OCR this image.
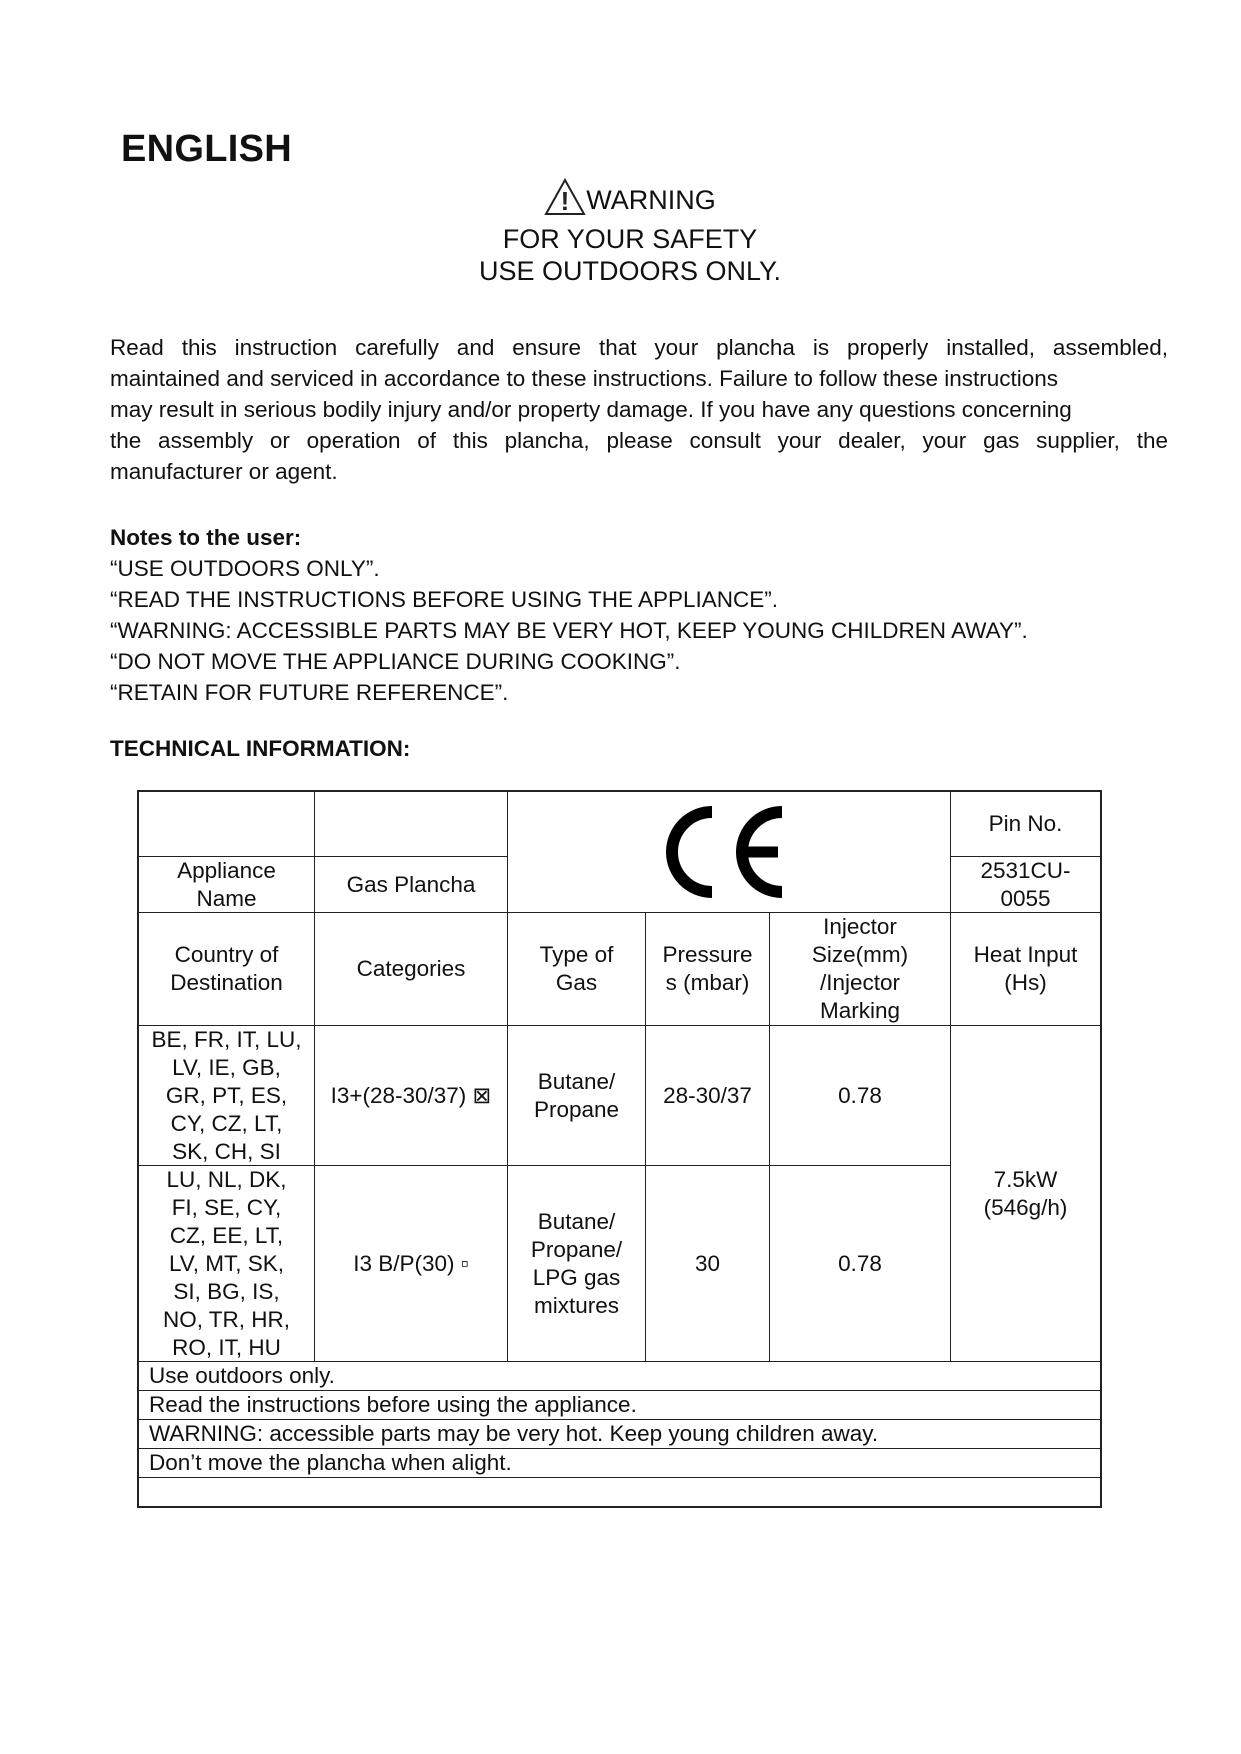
ENGLISH
! WARNING
FOR YOUR SAFETY
USE OUTDOORS ONLY.
Read this instruction carefully and ensure that your plancha is properly installed, assembled,
maintained and serviced in accordance to these instructions. Failure to follow these instructions
may result in serious bodily injury and/or property damage. If you have any questions concerning
the assembly or operation of this plancha, please consult your dealer, your gas supplier, the
manufacturer or agent.
Notes to the user:
“USE OUTDOORS ONLY”.
“READ THE INSTRUCTIONS BEFORE USING THE APPLIANCE”.
“WARNING: ACCESSIBLE PARTS MAY BE VERY HOT, KEEP YOUNG CHILDREN AWAY”.
“DO NOT MOVE THE APPLIANCE DURING COOKING”.
“RETAIN FOR FUTURE REFERENCE”.
TECHNICAL INFORMATION:
Appliance
Name
Gas Plancha
Pin No.
2531CU-
0055
Country of
Destination
Categories
Type of
Gas
Pressure
s (mbar)
Injector
Size(mm)
/Injector
Marking
Heat Input
(Hs)
BE, FR, IT, LU,
LV, IE, GB,
GR, PT, ES,
CY, CZ, LT,
SK, CH, SI
I3+(28-30/37) ⊠
Butane/
Propane
28-30/37	0.78
LU, NL, DK,
FI, SE, CY,
CZ, EE, LT,
LV, MT, SK,
SI, BG, IS,
NO, TR, HR,
RO, IT, HU
I3 B/P(30) ▫
Butane/
Propane/
LPG gas
mixtures
30	0.78
7.5kW
(546g/h)
Use outdoors only.
Read the instructions before using the appliance.
WARNING: accessible parts may be very hot. Keep young children away.
Don’t move the plancha when alight.
